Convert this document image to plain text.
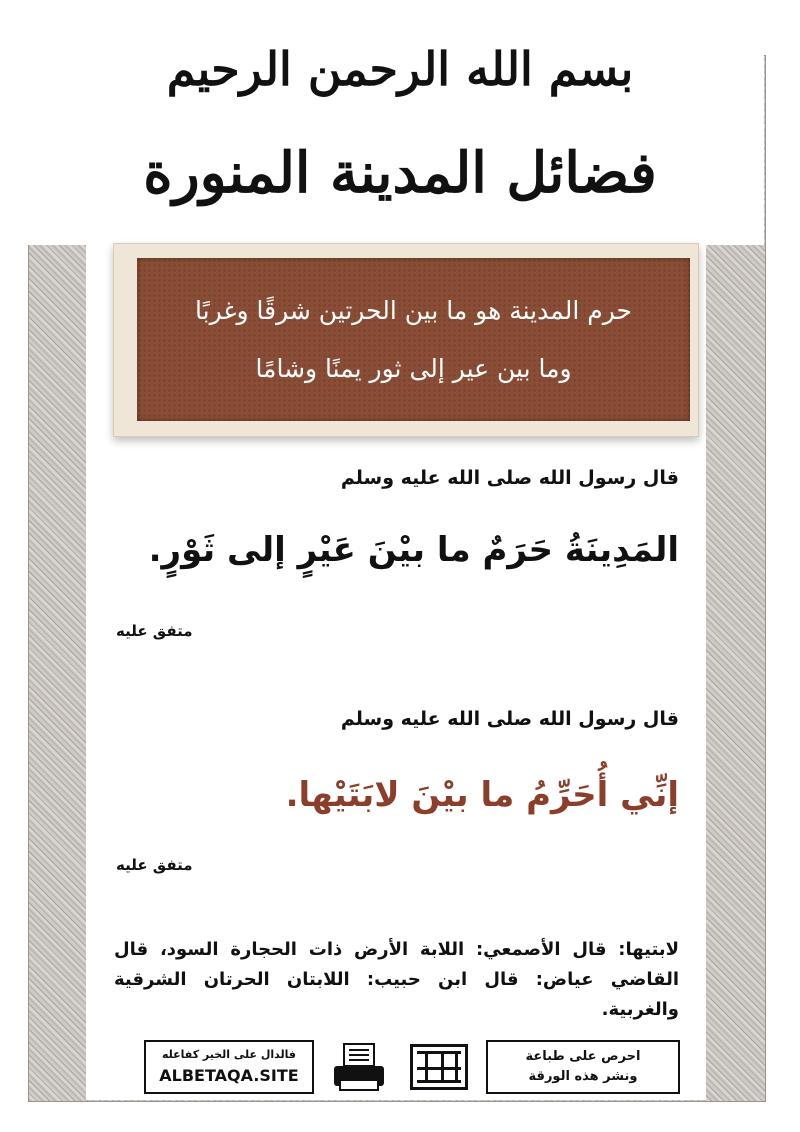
بسم الله الرحمن الرحيم
فضائل المدينة المنورة
حرم المدينة هو ما بين الحرتين شرقًا وغربًا
وما بين عير إلى ثور يمنًا وشامًا
قال رسول الله صلى الله عليه وسلم
المَدِينَةُ حَرَمٌ ما بيْنَ عَيْرٍ إلى ثَوْرٍ.
متفق عليه
قال رسول الله صلى الله عليه وسلم
إنِّي أُحَرِّمُ ما بيْنَ لابَتَيْها.
متفق عليه
لابتيها: قال الأصمعي: اللابة الأرض ذات الحجارة السود، قال القاضي عياض: قال ابن حبيب: اللابتان الحرتان الشرقية والغربية.
فالدال على الخير كفاعله
ALBETAQA.SITE
احرص على طباعة
ونشر هذه الورقة
